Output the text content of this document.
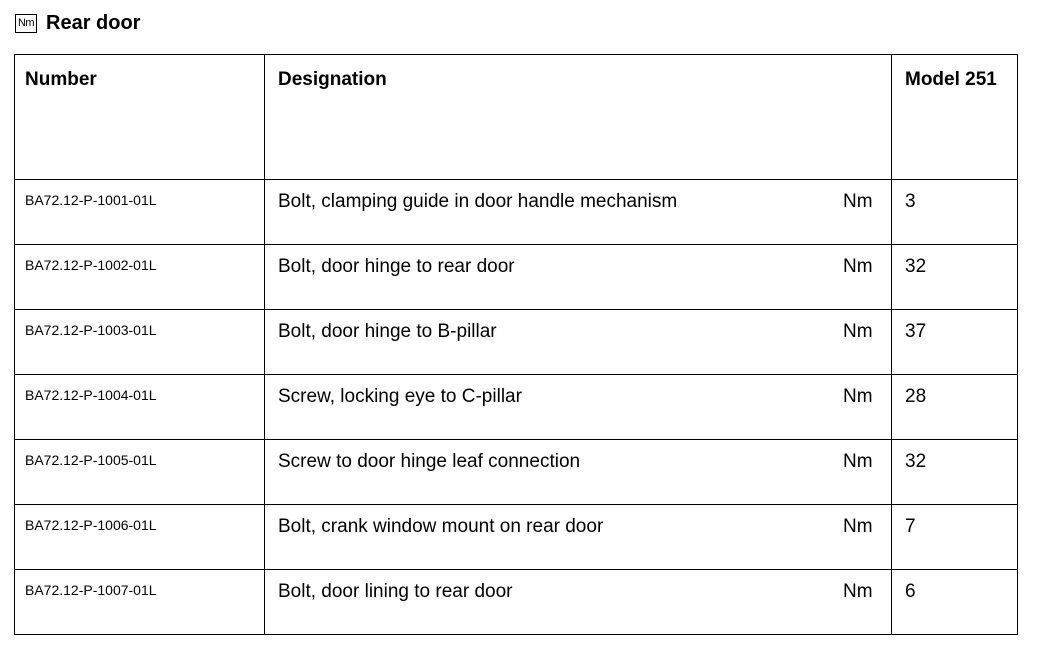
Nm Rear door
Number	Designation	Model 251
BA72.12-P-1001-01L	Bolt, clamping guide in door handle mechanism Nm	3
BA72.12-P-1002-01L	Bolt, door hinge to rear door Nm	32
BA72.12-P-1003-01L	Bolt, door hinge to B-pillar Nm	37
BA72.12-P-1004-01L	Screw, locking eye to C-pillar Nm	28
BA72.12-P-1005-01L	Screw to door hinge leaf connection Nm	32
BA72.12-P-1006-01L	Bolt, crank window mount on rear door Nm	7
BA72.12-P-1007-01L	Bolt, door lining to rear door Nm	6
